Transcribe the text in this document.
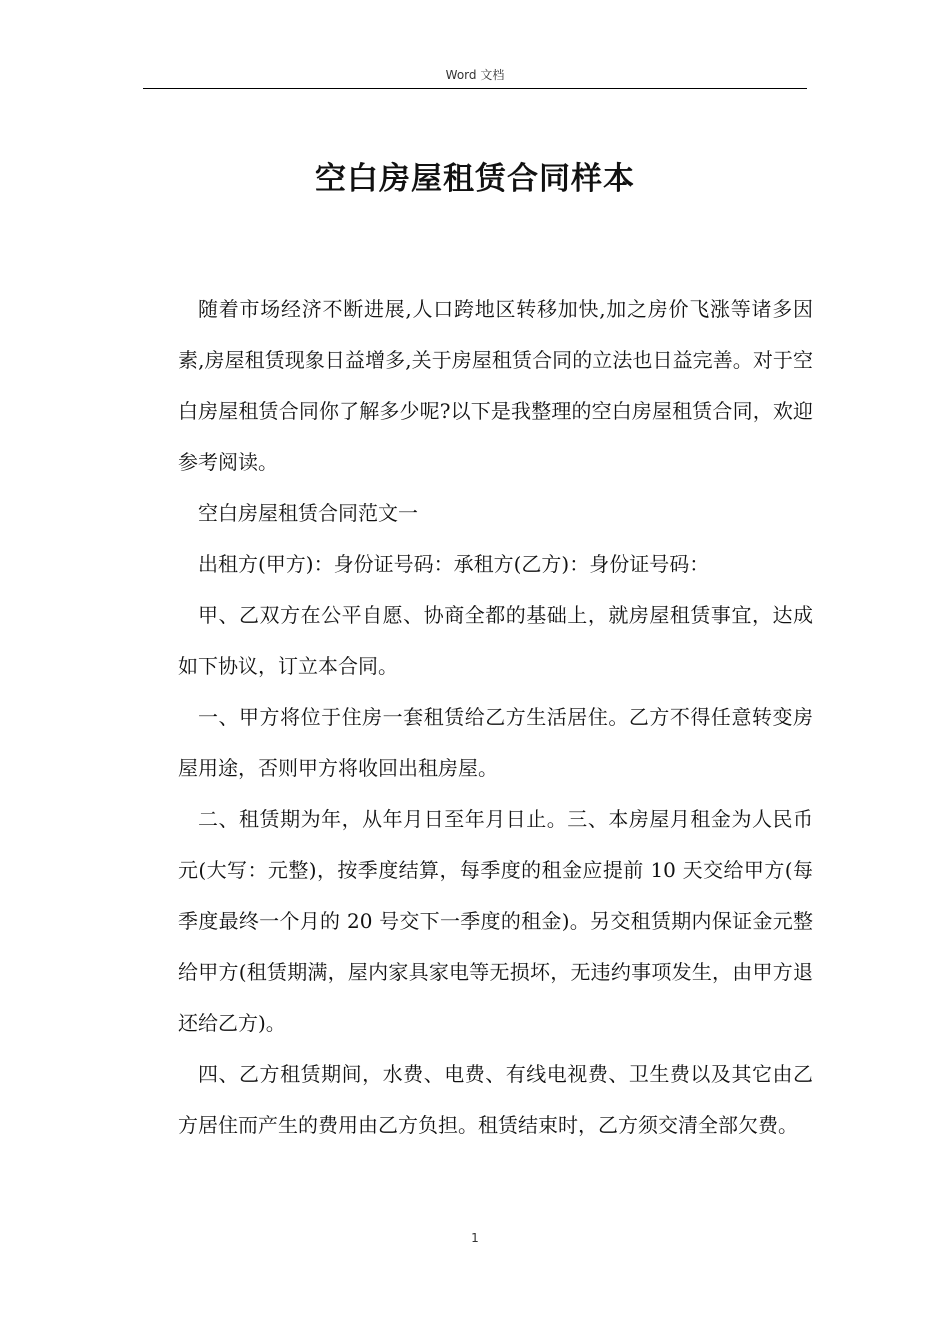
Word 文档
空白房屋租赁合同样本

随着市场经济不断进展,人口跨地区转移加快,加之房价飞涨等诸多因素,房屋租赁现象日益增多,关于房屋租赁合同的立法也日益完善。对于空白房屋租赁合同你了解多少呢?以下是我整理的空白房屋租赁合同，欢迎参考阅读。

空白房屋租赁合同范文一

出租方(甲方)：身份证号码：承租方(乙方)：身份证号码：

甲、乙双方在公平自愿、协商全都的基础上，就房屋租赁事宜，达成如下协议，订立本合同。

一、甲方将位于住房一套租赁给乙方生活居住。乙方不得任意转变房屋用途，否则甲方将收回出租房屋。

二、租赁期为年，从年月日至年月日止。三、本房屋月租金为人民币元(大写：元整)，按季度结算，每季度的租金应提前 10 天交给甲方(每季度最终一个月的 20 号交下一季度的租金)。另交租赁期内保证金元整给甲方(租赁期满，屋内家具家电等无损坏，无违约事项发生，由甲方退还给乙方)。

四、乙方租赁期间，水费、电费、有线电视费、卫生费以及其它由乙方居住而产生的费用由乙方负担。租赁结束时，乙方须交清全部欠费。

1
